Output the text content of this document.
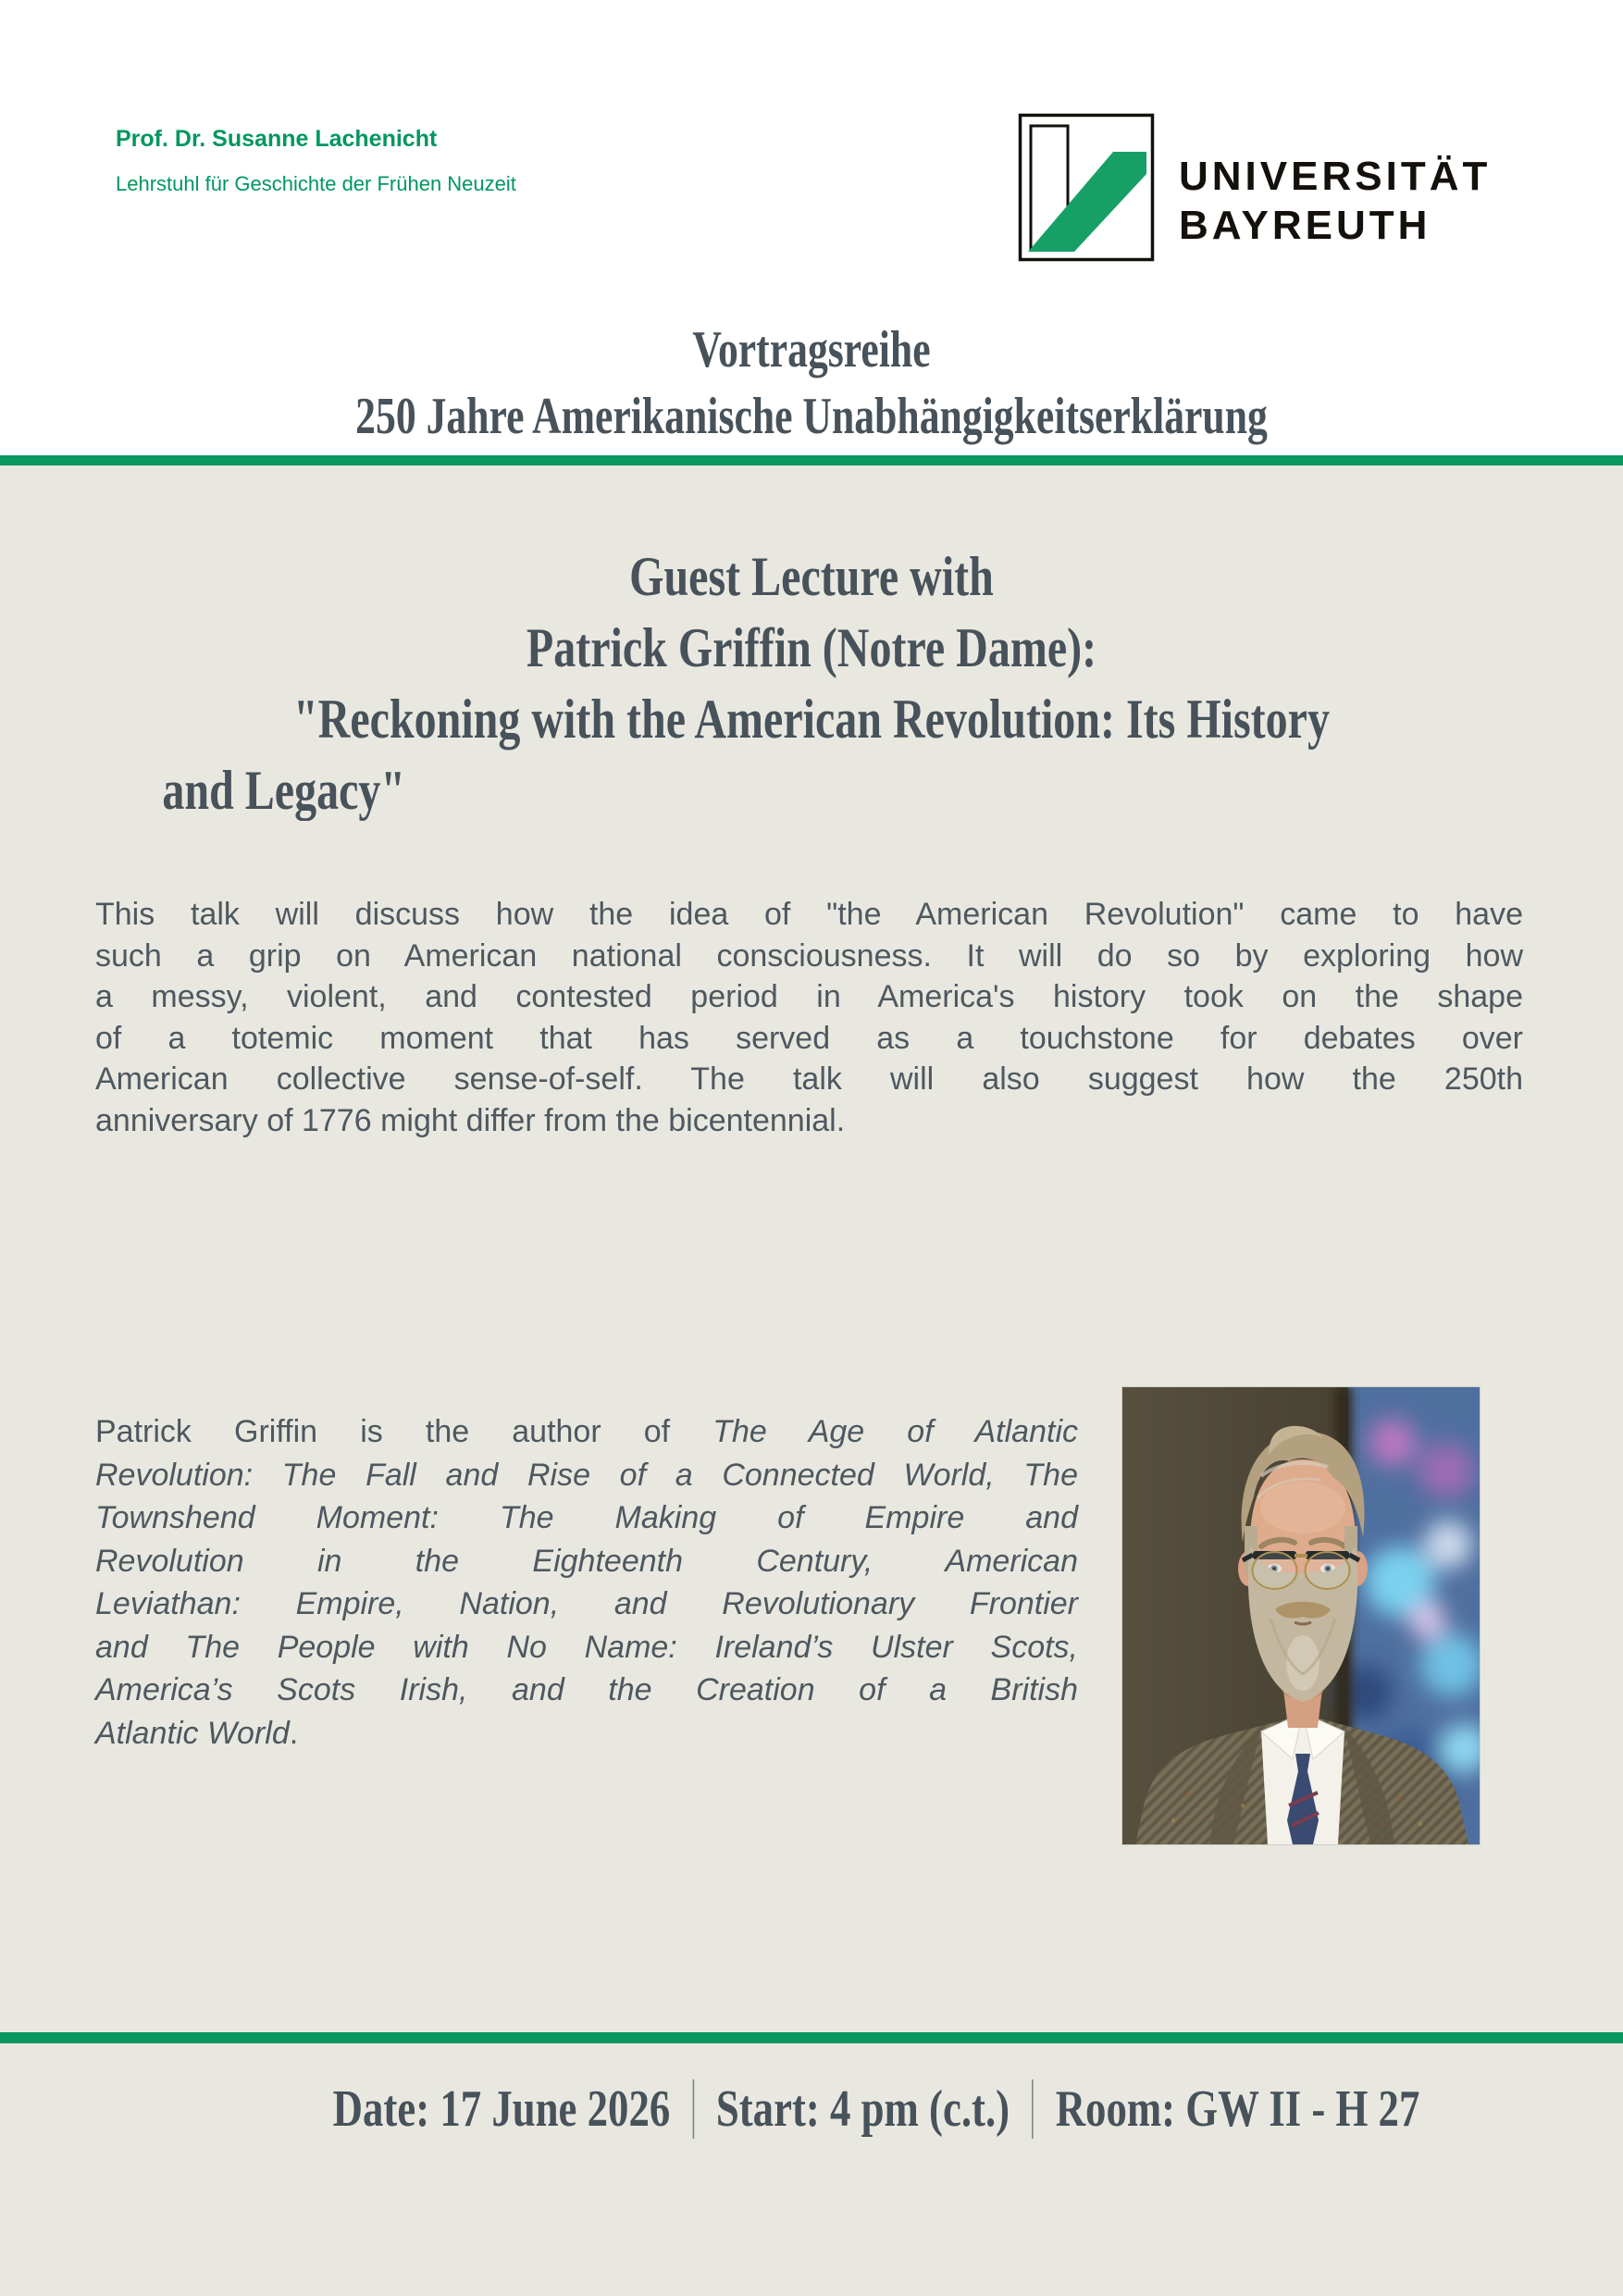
Prof. Dr. Susanne Lachenicht
Lehrstuhl für Geschichte der Frühen Neuzeit	UNIVERSITÄT
BAYREUTH
Vortragsreihe
250 Jahre Amerikanische Unabhängigkeitserklärung
Guest Lecture with
Patrick Griffin (Notre Dame):
"Reckoning with the American Revolution: Its History
and Legacy"
This talk will discuss how the idea of "the American Revolution" came to have
such a grip on American national consciousness. It will do so by exploring how
a messy, violent, and contested period in America's history took on the shape
of a totemic moment that has served as a touchstone for debates over
American collective sense-of-self. The talk will also suggest how the 250th
anniversary of 1776 might differ from the bicentennial.
Patrick Griffin is the author of The Age of Atlantic
Revolution: The Fall and Rise of a Connected World, The
Townshend Moment: The Making of Empire and
Revolution in the Eighteenth Century, American
Leviathan: Empire, Nation, and Revolutionary Frontier
and The People with No Name: Ireland’s Ulster Scots,
America’s Scots Irish, and the Creation of a British
Atlantic World.
Date: 17 June 2026 Start: 4 pm (c.t.) Room: GW II - H 27
